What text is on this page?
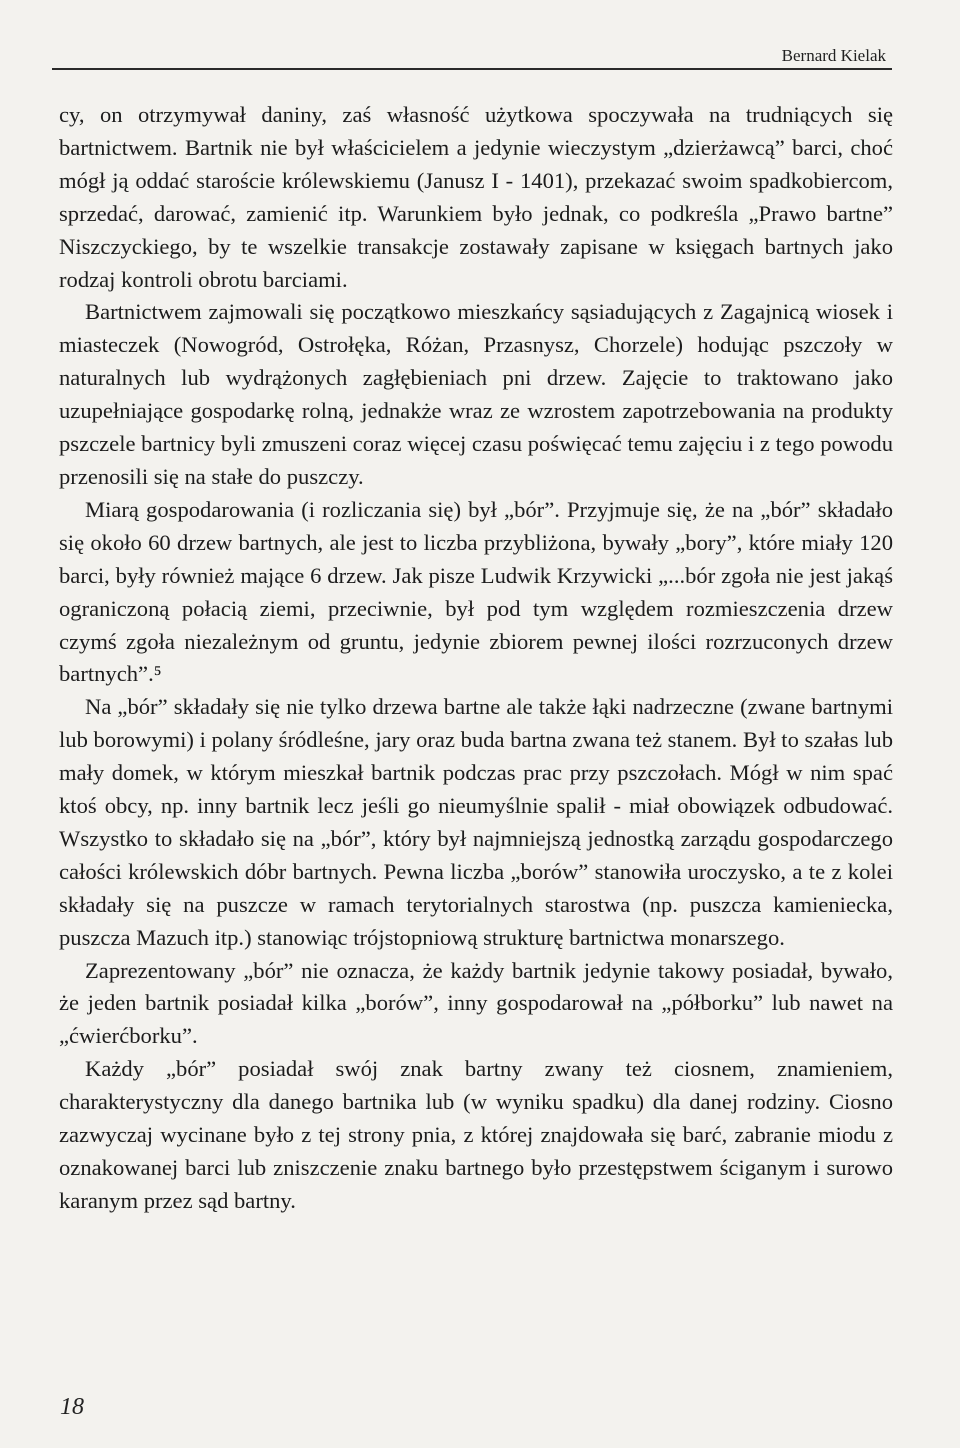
Bernard Kielak

cy, on otrzymywał daniny, zaś własność użytkowa spoczywała na trudniących się bartnictwem. Bartnik nie był właścicielem a jedynie wieczystym „dzierżawcą” barci, choć mógł ją oddać staroście królewskiemu (Janusz I - 1401), przekazać swoim spadkobiercom, sprzedać, darować, zamienić itp. Warunkiem było jednak, co podkreśla „Prawo bartne” Niszczyckiego, by te wszelkie transakcje zostawały zapisane w księgach bartnych jako rodzaj kontroli obrotu barciami.

Bartnictwem zajmowali się początkowo mieszkańcy sąsiadujących z Zagajnicą wiosek i miasteczek (Nowogród, Ostrołęka, Różan, Przasnysz, Chorzele) hodując pszczoły w naturalnych lub wydrążonych zagłębieniach pni drzew. Zajęcie to traktowano jako uzupełniające gospodarkę rolną, jednakże wraz ze wzrostem zapotrzebowania na produkty pszczele bartnicy byli zmuszeni coraz więcej czasu poświęcać temu zajęciu i z tego powodu przenosili się na stałe do puszczy.

Miarą gospodarowania (i rozliczania się) był „bór”. Przyjmuje się, że na „bór” składało się około 60 drzew bartnych, ale jest to liczba przybliżona, bywały „bory”, które miały 120 barci, były również mające 6 drzew. Jak pisze Ludwik Krzywicki „...bór zgoła nie jest jakąś ograniczoną połacią ziemi, przeciwnie, był pod tym względem rozmieszczenia drzew czymś zgoła niezależnym od gruntu, jedynie zbiorem pewnej ilości rozrzuconych drzew bartnych”.⁵

Na „bór” składały się nie tylko drzewa bartne ale także łąki nadrzeczne (zwane bartnymi lub borowymi) i polany śródleśne, jary oraz buda bartna zwana też stanem. Był to szałas lub mały domek, w którym mieszkał bartnik podczas prac przy pszczołach. Mógł w nim spać ktoś obcy, np. inny bartnik lecz jeśli go nieumyślnie spalił - miał obowiązek odbudować. Wszystko to składało się na „bór”, który był najmniejszą jednostką zarządu gospodarczego całości królewskich dóbr bartnych. Pewna liczba „borów” stanowiła uroczysko, a te z kolei składały się na puszcze w ramach terytorialnych starostwa (np. puszcza kamieniecka, puszcza Mazuch itp.) stanowiąc trójstopniową strukturę bartnictwa monarszego.

Zaprezentowany „bór” nie oznacza, że każdy bartnik jedynie takowy posiadał, bywało, że jeden bartnik posiadał kilka „borów”, inny gospodarował na „półborku” lub nawet na „ćwierćborku”.

Każdy „bór” posiadał swój znak bartny zwany też ciosnem, znamieniem, charakterystyczny dla danego bartnika lub (w wyniku spadku) dla danej rodziny. Ciosno zazwyczaj wycinane było z tej strony pnia, z której znajdowała się barć, zabranie miodu z oznakowanej barci lub zniszczenie znaku bartnego było przestępstwem ściganym i surowo karanym przez sąd bartny.

18
